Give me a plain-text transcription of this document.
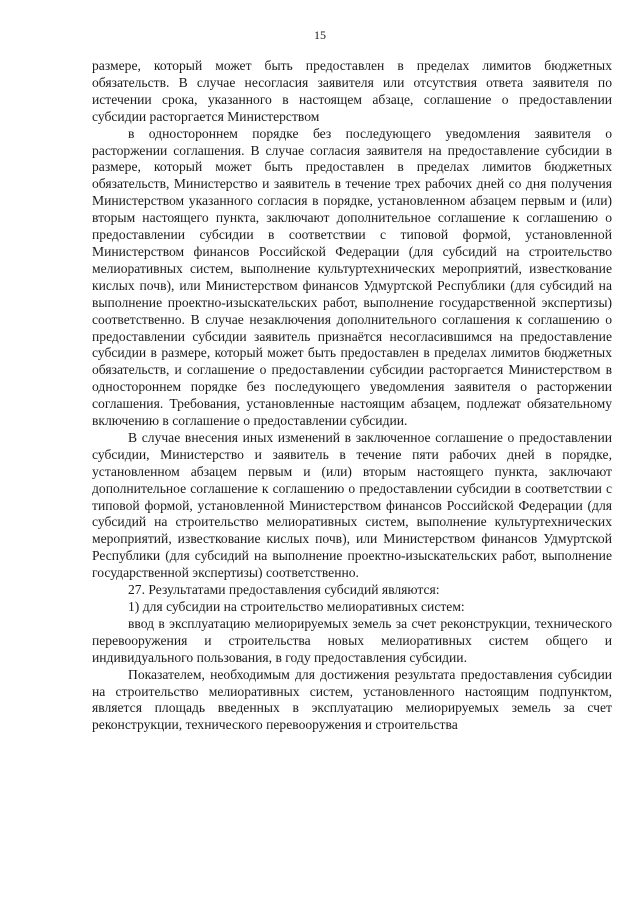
15

размере, который может быть предоставлен в пределах лимитов бюджетных обязательств. В случае несогласия заявителя или отсутствия ответа заявителя по истечении срока, указанного в настоящем абзаце, соглашение о предоставлении субсидии расторгается Министерством

в одностороннем порядке без последующего уведомления заявителя о расторжении соглашения. В случае согласия заявителя на предоставление субсидии в размере, который может быть предоставлен в пределах лимитов бюджетных обязательств, Министерство и заявитель в течение трех рабочих дней со дня получения Министерством указанного согласия в порядке, установленном абзацем первым и (или) вторым настоящего пункта, заключают дополнительное соглашение к соглашению о предоставлении субсидии в соответствии с типовой формой, установленной Министерством финансов Российской Федерации (для субсидий на строительство мелиоративных систем, выполнение культуртехнических мероприятий, известкование кислых почв), или Министерством финансов Удмуртской Республики (для субсидий на выполнение проектно-изыскательских работ, выполнение государственной экспертизы) соответственно. В случае незаключения дополнительного соглашения к соглашению о предоставлении субсидии заявитель признаётся несогласившимся на предоставление субсидии в размере, который может быть предоставлен в пределах лимитов бюджетных обязательств, и соглашение о предоставлении субсидии расторгается Министерством в одностороннем порядке без последующего уведомления заявителя о расторжении соглашения. Требования, установленные настоящим абзацем, подлежат обязательному включению в соглашение о предоставлении субсидии.

В случае внесения иных изменений в заключенное соглашение о предоставлении субсидии, Министерство и заявитель в течение пяти рабочих дней в порядке, установленном абзацем первым и (или) вторым настоящего пункта, заключают дополнительное соглашение к соглашению о предоставлении субсидии в соответствии с типовой формой, установленной Министерством финансов Российской Федерации (для субсидий на строительство мелиоративных систем, выполнение культуртехнических мероприятий, известкование кислых почв), или Министерством финансов Удмуртской Республики (для субсидий на выполнение проектно-изыскательских работ, выполнение государственной экспертизы) соответственно.

27. Результатами предоставления субсидий являются:

1) для субсидии на строительство мелиоративных систем:

ввод в эксплуатацию мелиорируемых земель за счет реконструкции, технического перевооружения и строительства новых мелиоративных систем общего и индивидуального пользования, в году предоставления субсидии.

Показателем, необходимым для достижения результата предоставления субсидии на строительство мелиоративных систем, установленного настоящим подпунктом, является площадь введенных в эксплуатацию мелиорируемых земель за счет реконструкции, технического перевооружения и строительства
